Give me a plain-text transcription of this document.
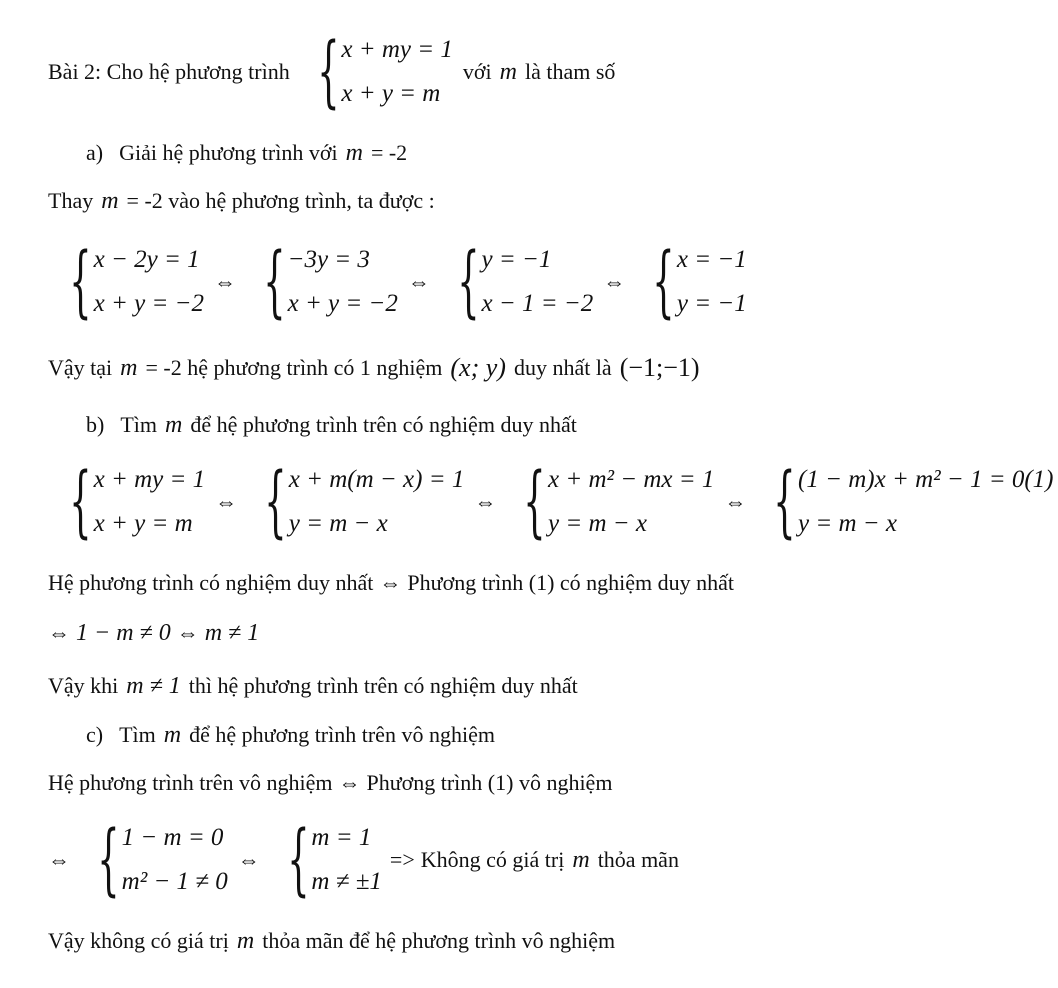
Bài 2: Cho hệ phương trình { x + my = 1
x + y = m
với m là tham số
a) Giải hệ phương trình với m = -2
Thay m = -2 vào hệ phương trình, ta được :
{ x − 2y = 1
x + y = −2
⇔ { −3y = 3
x + y = −2
⇔ { y = −1
x − 1 = −2
⇔ { x = −1
y = −1
Vậy tại m = -2 hệ phương trình có 1 nghiệm (x; y) duy nhất là (−1;−1)
b) Tìm m để hệ phương trình trên có nghiệm duy nhất
{ x + my = 1
x + y = m
⇔ { x + m(m − x) = 1
y = m − x
⇔ { x + m² − mx = 1
y = m − x
⇔ { (1 − m)x + m² − 1 = 0(1)
y = m − x
Hệ phương trình có nghiệm duy nhất ⇔ Phương trình (1) có nghiệm duy nhất
⇔ 1 − m ≠ 0 ⇔ m ≠ 1
Vậy khi m ≠ 1 thì hệ phương trình trên có nghiệm duy nhất
c) Tìm m để hệ phương trình trên vô nghiệm
Hệ phương trình trên vô nghiệm ⇔ Phương trình (1) vô nghiệm
⇔ { 1 − m = 0
m² − 1 ≠ 0
⇔ { m = 1
m ≠ ±1
=> Không có giá trị m thỏa mãn
Vậy không có giá trị m thỏa mãn để hệ phương trình vô nghiệm
